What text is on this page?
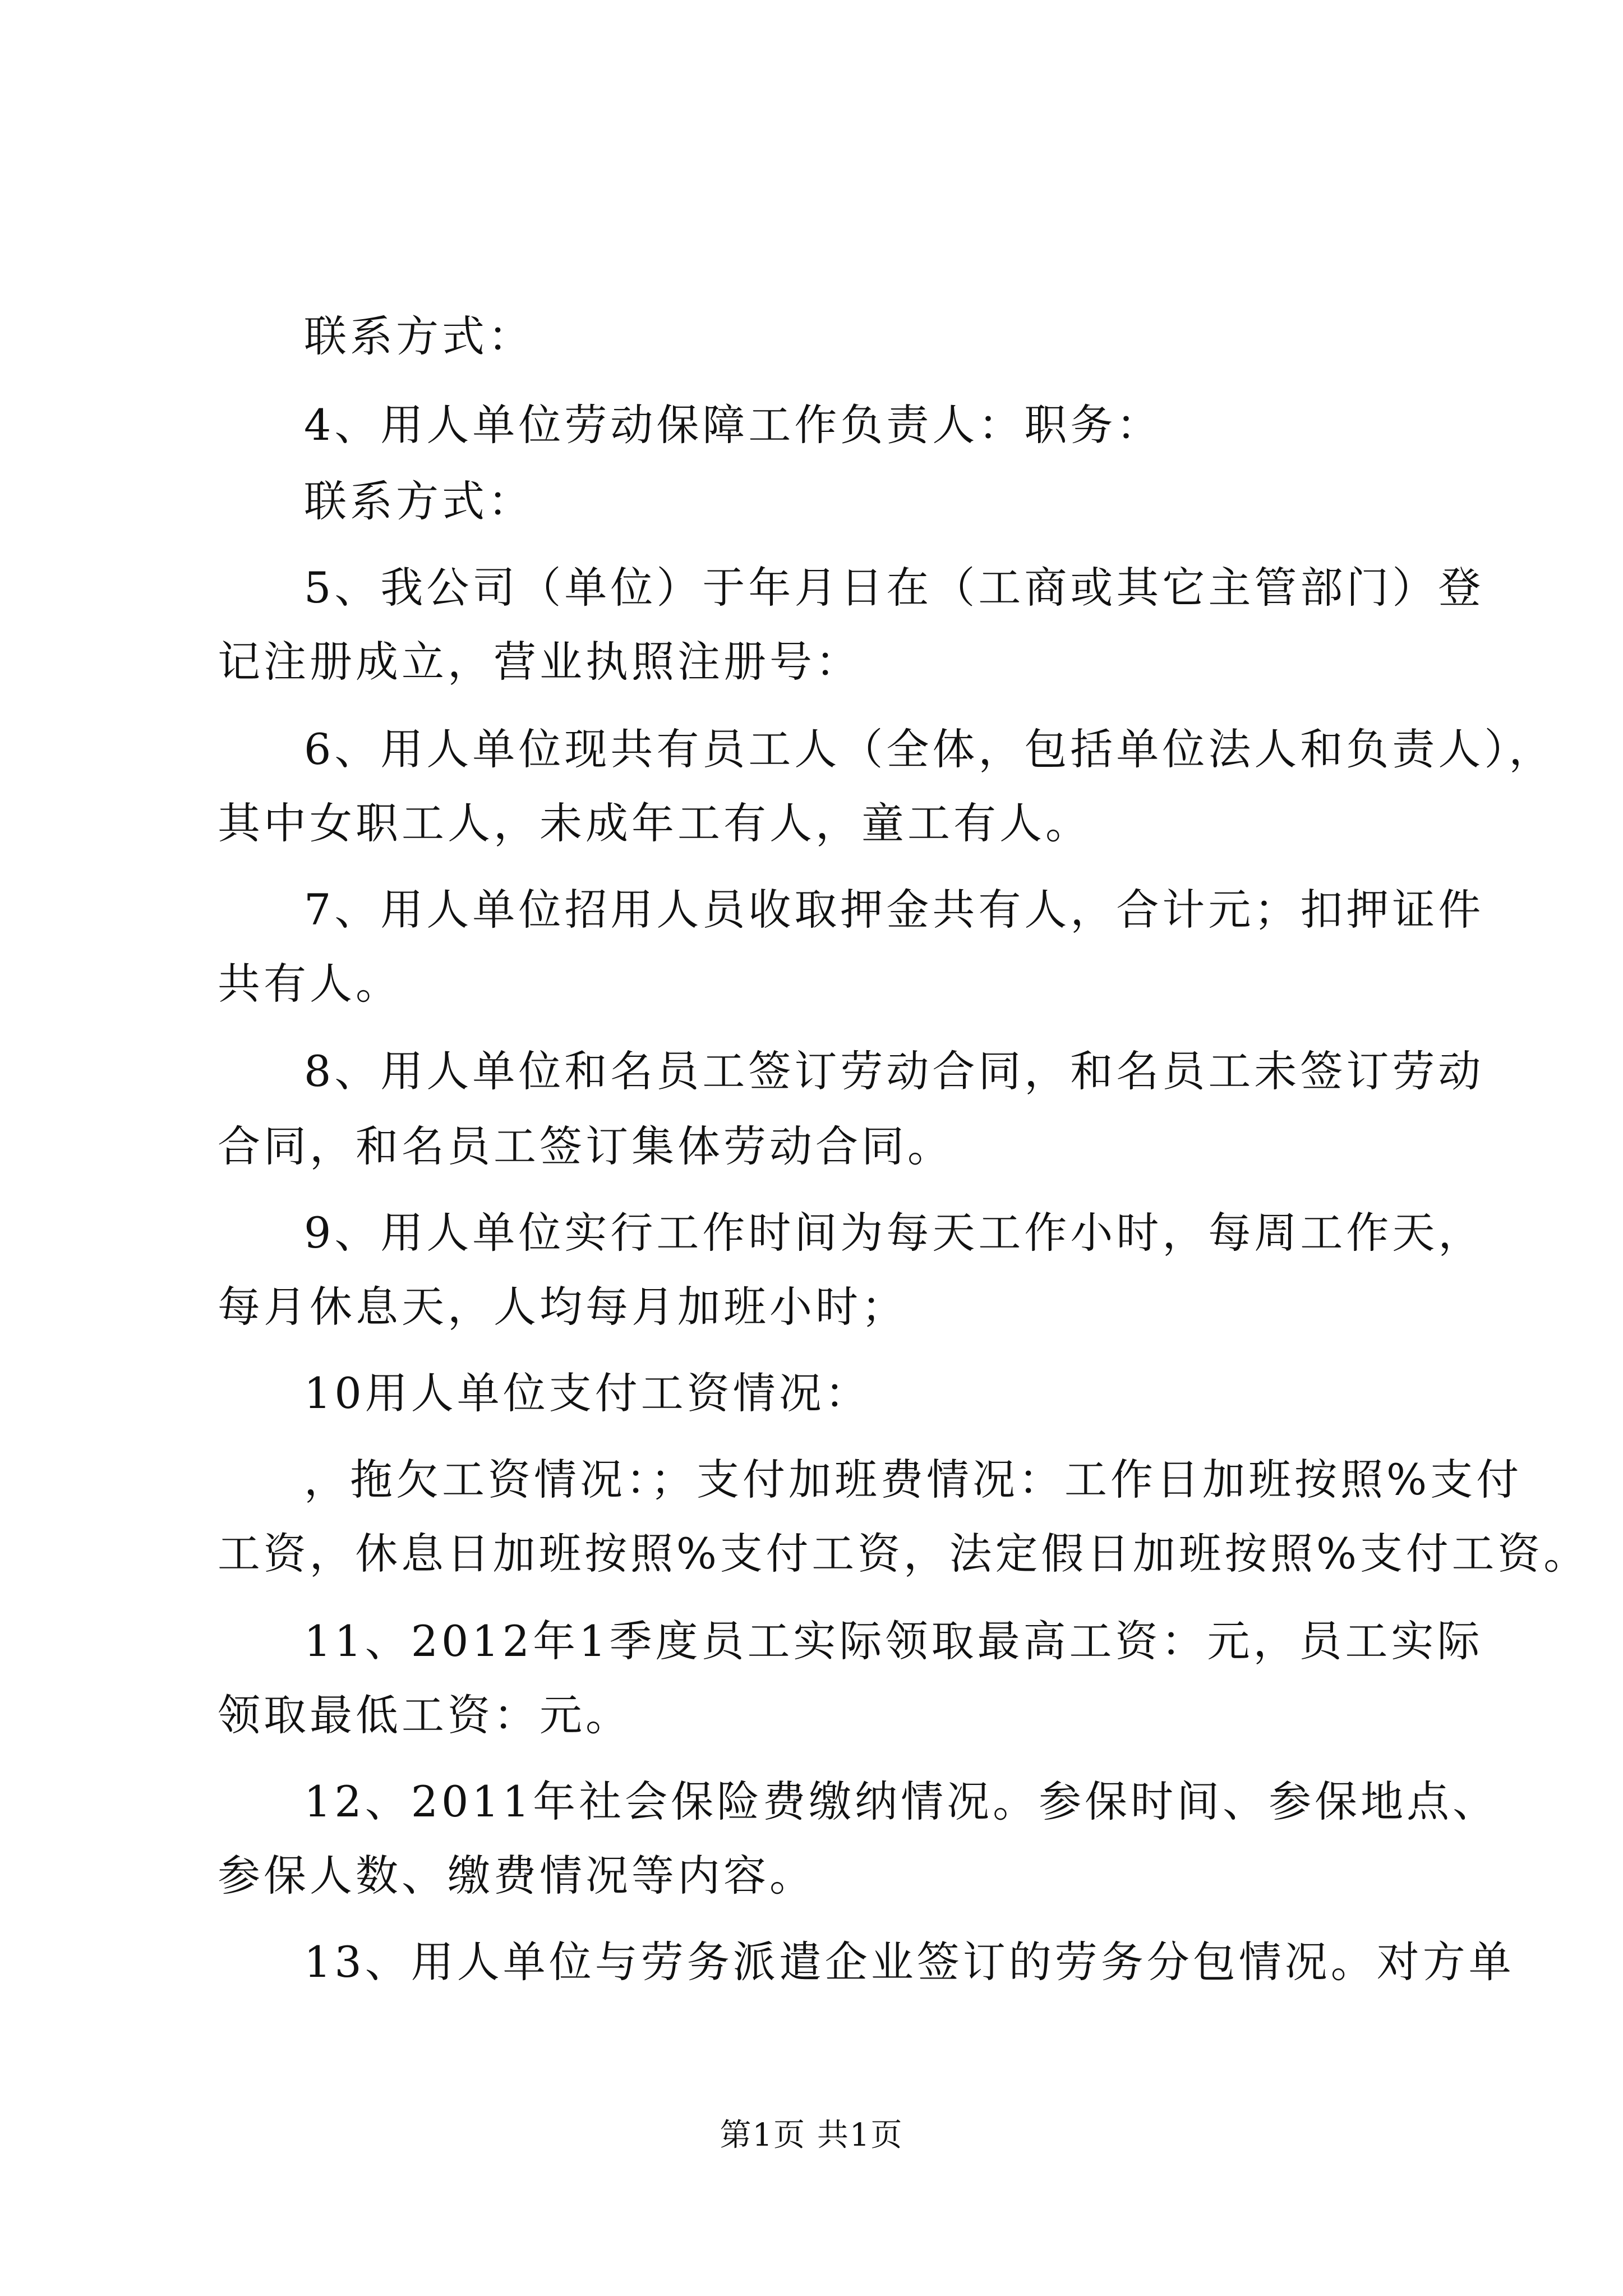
联系方式：
4、用人单位劳动保障工作负责人：职务：
联系方式：
5、我公司（单位）于年月日在（工商或其它主管部门）登
记注册成立，营业执照注册号：
6、用人单位现共有员工人（全体，包括单位法人和负责人），
其中女职工人，未成年工有人，童工有人。
7、用人单位招用人员收取押金共有人，合计元；扣押证件
共有人。
8、用人单位和名员工签订劳动合同，和名员工未签订劳动
合同，和名员工签订集体劳动合同。
9、用人单位实行工作时间为每天工作小时，每周工作天，
每月休息天，人均每月加班小时；
10用人单位支付工资情况：
，拖欠工资情况：；支付加班费情况：工作日加班按照%支付
工资，休息日加班按照%支付工资，法定假日加班按照%支付工资。
11、2012年1季度员工实际领取最高工资：元，员工实际
领取最低工资：元。
12、2011年社会保险费缴纳情况。参保时间、参保地点、
参保人数、缴费情况等内容。
13、用人单位与劳务派遣企业签订的劳务分包情况。对方单
第1页 共1页
